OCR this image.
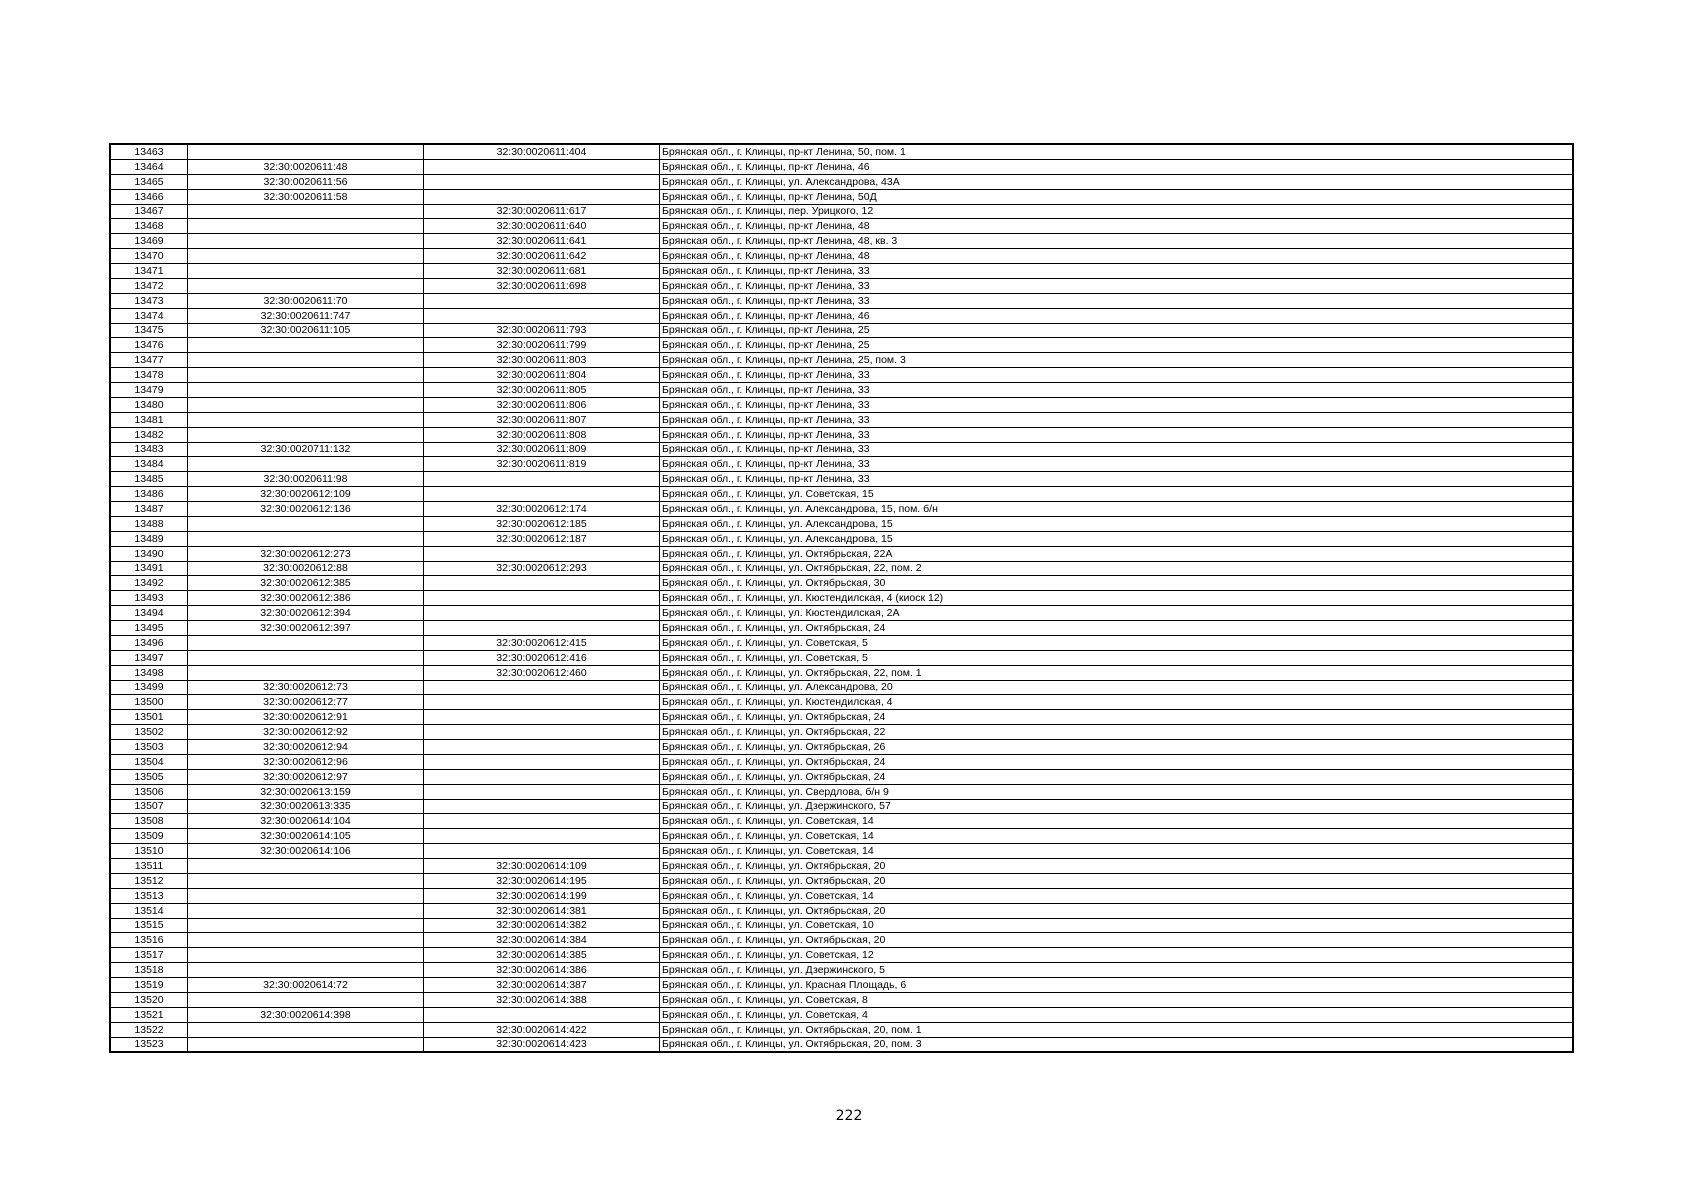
13463		32:30:0020611:404	Брянская обл., г. Клинцы, пр-кт Ленина, 50, пом. 1
13464	32:30:0020611:48		Брянская обл., г. Клинцы, пр-кт Ленина, 46
13465	32:30:0020611:56		Брянская обл., г. Клинцы, ул. Александрова, 43А
13466	32:30:0020611:58		Брянская обл., г. Клинцы, пр-кт Ленина, 50Д
13467		32:30:0020611:617	Брянская обл., г. Клинцы, пер. Урицкого, 12
13468		32:30:0020611:640	Брянская обл., г. Клинцы, пр-кт Ленина, 48
13469		32:30:0020611:641	Брянская обл., г. Клинцы, пр-кт Ленина, 48, кв. 3
13470		32:30:0020611:642	Брянская обл., г. Клинцы, пр-кт Ленина, 48
13471		32:30:0020611:681	Брянская обл., г. Клинцы, пр-кт Ленина, 33
13472		32:30:0020611:698	Брянская обл., г. Клинцы, пр-кт Ленина, 33
13473	32:30:0020611:70		Брянская обл., г. Клинцы, пр-кт Ленина, 33
13474	32:30:0020611:747		Брянская обл., г. Клинцы, пр-кт Ленина, 46
13475	32:30:0020611:105	32:30:0020611:793	Брянская обл., г. Клинцы, пр-кт Ленина, 25
13476		32:30:0020611:799	Брянская обл., г. Клинцы, пр-кт Ленина, 25
13477		32:30:0020611:803	Брянская обл., г. Клинцы, пр-кт Ленина, 25, пом. 3
13478		32:30:0020611:804	Брянская обл., г. Клинцы, пр-кт Ленина, 33
13479		32:30:0020611:805	Брянская обл., г. Клинцы, пр-кт Ленина, 33
13480		32:30:0020611:806	Брянская обл., г. Клинцы, пр-кт Ленина, 33
13481		32:30:0020611:807	Брянская обл., г. Клинцы, пр-кт Ленина, 33
13482		32:30:0020611:808	Брянская обл., г. Клинцы, пр-кт Ленина, 33
13483	32:30:0020711:132	32:30:0020611:809	Брянская обл., г. Клинцы, пр-кт Ленина, 33
13484		32:30:0020611:819	Брянская обл., г. Клинцы, пр-кт Ленина, 33
13485	32:30:0020611:98		Брянская обл., г. Клинцы, пр-кт Ленина, 33
13486	32:30:0020612:109		Брянская обл., г. Клинцы, ул. Советская, 15
13487	32:30:0020612:136	32:30:0020612:174	Брянская обл., г. Клинцы, ул. Александрова, 15, пом. б/н
13488		32:30:0020612:185	Брянская обл., г. Клинцы, ул. Александрова, 15
13489		32:30:0020612:187	Брянская обл., г. Клинцы, ул. Александрова, 15
13490	32:30:0020612:273		Брянская обл., г. Клинцы, ул. Октябрьская, 22А
13491	32:30:0020612:88	32:30:0020612:293	Брянская обл., г. Клинцы, ул. Октябрьская, 22, пом. 2
13492	32:30:0020612:385		Брянская обл., г. Клинцы, ул. Октябрьская, 30
13493	32:30:0020612:386		Брянская обл., г. Клинцы, ул. Кюстендилская, 4 (киоск 12)
13494	32:30:0020612:394		Брянская обл., г. Клинцы, ул. Кюстендилская, 2А
13495	32:30:0020612:397		Брянская обл., г. Клинцы, ул. Октябрьская, 24
13496		32:30:0020612:415	Брянская обл., г. Клинцы, ул. Советская, 5
13497		32:30:0020612:416	Брянская обл., г. Клинцы, ул. Советская, 5
13498		32:30:0020612:460	Брянская обл., г. Клинцы, ул. Октябрьская, 22, пом. 1
13499	32:30:0020612:73		Брянская обл., г. Клинцы, ул. Александрова, 20
13500	32:30:0020612:77		Брянская обл., г. Клинцы, ул. Кюстендилская, 4
13501	32:30:0020612:91		Брянская обл., г. Клинцы, ул. Октябрьская, 24
13502	32:30:0020612:92		Брянская обл., г. Клинцы, ул. Октябрьская, 22
13503	32:30:0020612:94		Брянская обл., г. Клинцы, ул. Октябрьская, 26
13504	32:30:0020612:96		Брянская обл., г. Клинцы, ул. Октябрьская, 24
13505	32:30:0020612:97		Брянская обл., г. Клинцы, ул. Октябрьская, 24
13506	32:30:0020613:159		Брянская обл., г. Клинцы, ул. Свердлова, б/н 9
13507	32:30:0020613:335		Брянская обл., г. Клинцы, ул. Дзержинского, 57
13508	32:30:0020614:104		Брянская обл., г. Клинцы, ул. Советская, 14
13509	32:30:0020614:105		Брянская обл., г. Клинцы, ул. Советская, 14
13510	32:30:0020614:106		Брянская обл., г. Клинцы, ул. Советская, 14
13511		32:30:0020614:109	Брянская обл., г. Клинцы, ул. Октябрьская, 20
13512		32:30:0020614:195	Брянская обл., г. Клинцы, ул. Октябрьская, 20
13513		32:30:0020614:199	Брянская обл., г. Клинцы, ул. Советская, 14
13514		32:30:0020614:381	Брянская обл., г. Клинцы, ул. Октябрьская, 20
13515		32:30:0020614:382	Брянская обл., г. Клинцы, ул. Советская, 10
13516		32:30:0020614:384	Брянская обл., г. Клинцы, ул. Октябрьская, 20
13517		32:30:0020614:385	Брянская обл., г. Клинцы, ул. Советская, 12
13518		32:30:0020614:386	Брянская обл., г. Клинцы, ул. Дзержинского, 5
13519	32:30:0020614:72	32:30:0020614:387	Брянская обл., г. Клинцы, ул. Красная Площадь, 6
13520		32:30:0020614:388	Брянская обл., г. Клинцы, ул. Советская, 8
13521	32:30:0020614:398		Брянская обл., г. Клинцы, ул. Советская, 4
13522		32:30:0020614:422	Брянская обл., г. Клинцы, ул. Октябрьская, 20, пом. 1
13523		32:30:0020614:423	Брянская обл., г. Клинцы, ул. Октябрьская, 20, пом. 3
222
